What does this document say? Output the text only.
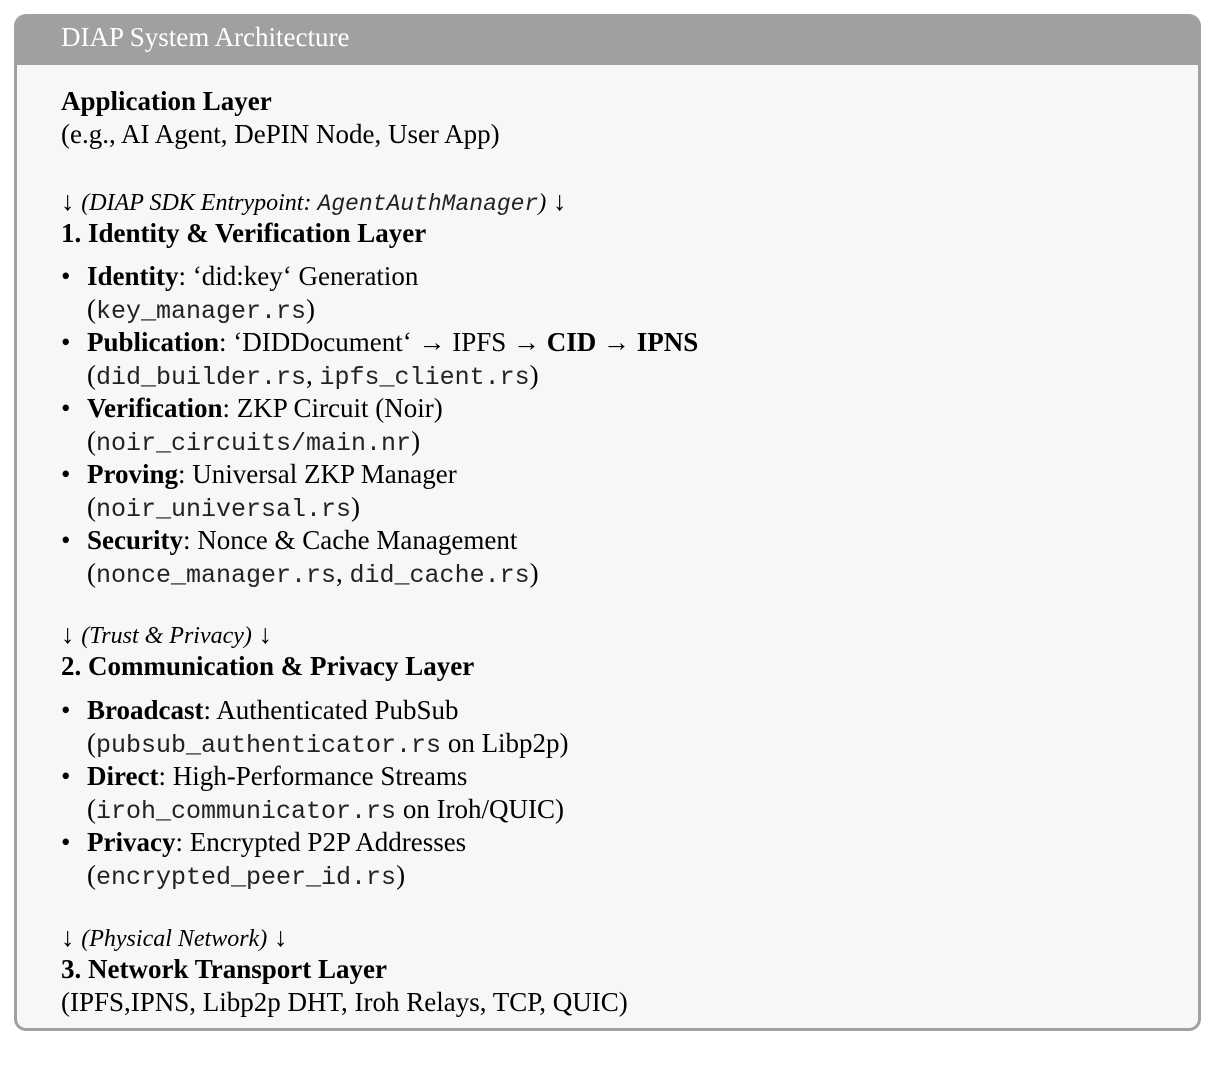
DIAP System Architecture
Application Layer
(e.g., AI Agent, DePIN Node, User App)
↓ (DIAP SDK Entrypoint: AgentAuthManager) ↓
1. Identity & Verification Layer
• Identity: ‘did:key‘ Generation
(key_manager.rs)
• Publication: ‘DIDDocument‘ → IPFS → CID → IPNS
(did_builder.rs, ipfs_client.rs)
• Verification: ZKP Circuit (Noir)
(noir_circuits/main.nr)
• Proving: Universal ZKP Manager
(noir_universal.rs)
• Security: Nonce & Cache Management
(nonce_manager.rs, did_cache.rs)
↓ (Trust & Privacy) ↓
2. Communication & Privacy Layer
• Broadcast: Authenticated PubSub
(pubsub_authenticator.rs on Libp2p)
• Direct: High-Performance Streams
(iroh_communicator.rs on Iroh/QUIC)
• Privacy: Encrypted P2P Addresses
(encrypted_peer_id.rs)
↓ (Physical Network) ↓
3. Network Transport Layer
(IPFS,IPNS, Libp2p DHT, Iroh Relays, TCP, QUIC)
